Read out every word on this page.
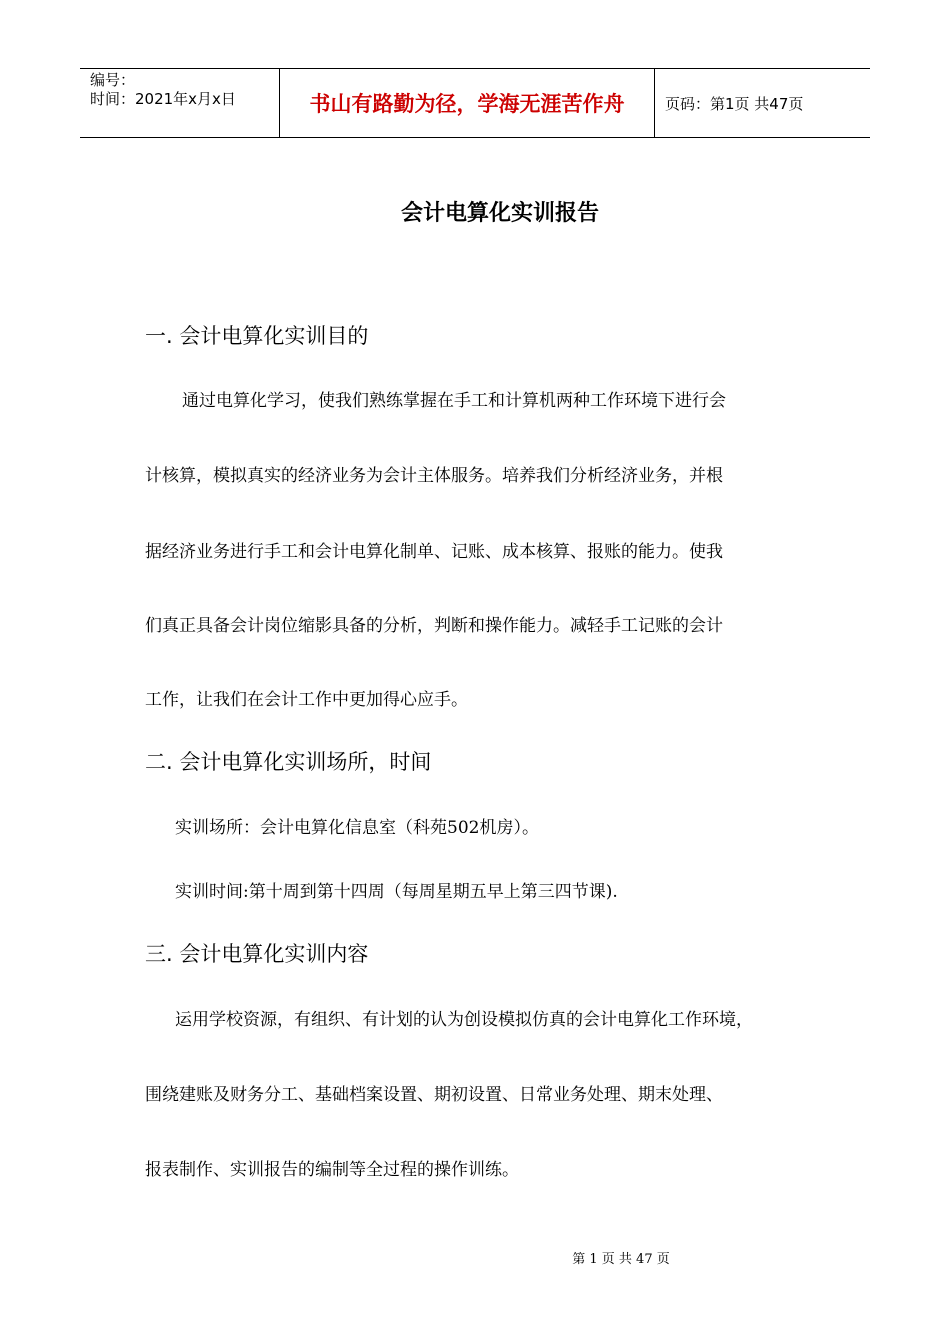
编号：
时间：2021年x月x日	书山有路勤为径，学海无涯苦作舟	页码：第1页 共47页
会计电算化实训报告
一. 会计电算化实训目的
通过电算化学习，使我们熟练掌握在手工和计算机两种工作环境下进行会
计核算，模拟真实的经济业务为会计主体服务。培养我们分析经济业务，并根
据经济业务进行手工和会计电算化制单、记账、成本核算、报账的能力。使我
们真正具备会计岗位缩影具备的分析，判断和操作能力。减轻手工记账的会计
工作，让我们在会计工作中更加得心应手。
二. 会计电算化实训场所，时间
实训场所：会计电算化信息室（科苑502机房）。
实训时间:第十周到第十四周（每周星期五早上第三四节课).
三. 会计电算化实训内容
运用学校资源，有组织、有计划的认为创设模拟仿真的会计电算化工作环境，
围绕建账及财务分工、基础档案设置、期初设置、日常业务处理、期末处理、
报表制作、实训报告的编制等全过程的操作训练。
第 1 页 共 47 页
